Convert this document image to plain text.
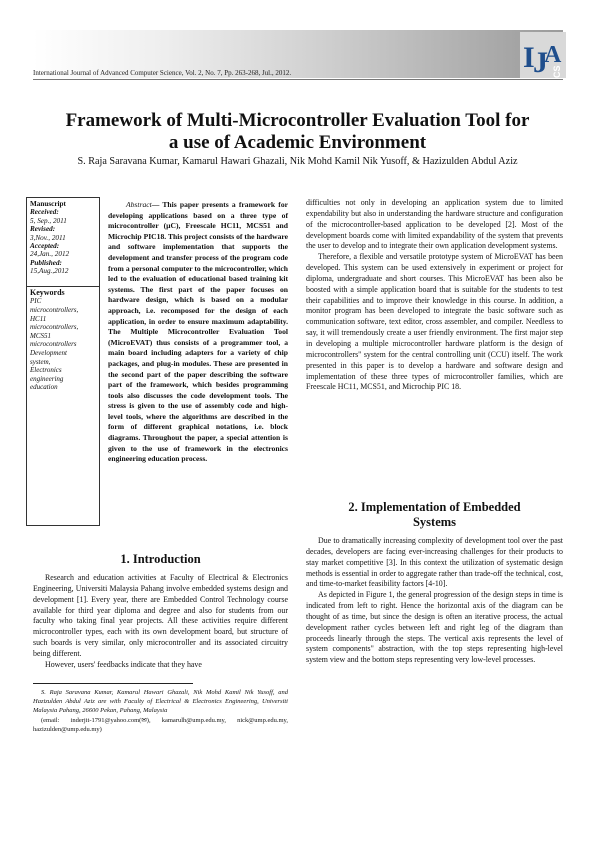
International Journal of Advanced Computer Science, Vol. 2, No. 7, Pp. 263-268, Jul., 2012.	I
J
A
CS
Framework of Multi-Microcontroller Evaluation Tool for
a use of Academic Environment
S. Raja Saravana Kumar, Kamarul Hawari Ghazali, Nik Mohd Kamil Nik Yusoff, & Hazizulden Abdul Aziz
Manuscript
Received:
5, Sep., 2011
Revised:
3,Nov., 2011
Accepted:
24,Jan., 2012
Published:
15,Aug.,2012
Keywords
PIC
microcontrollers,
HC11
microcontrollers,
MCS51
microcontrollers
Development
system,
Electronics
engineering
education
Abstract— This paper presents a framework for developing applications based on a three type of microcontroller (µC), Freescale HC11, MCS51 and Microchip PIC18. This project consists of the hardware and software implementation that supports the development and transfer process of the program code from a personal computer to the microcontroller, which led to the evaluation of educational based training kit systems. The first part of the paper focuses on hardware design, which is based on a modular approach, i.e. recomposed for the design of each application, in order to ensure maximum adaptability. The Multiple Microcontroller Evaluation Tool (MicroEVAT) thus consists of a programmer tool, a main board including adapters for a variety of chip packages, and plug-in modules. These are presented in the second part of the paper describing the software part of the framework, which besides programming tools also discusses the code development tools. The stress is given to the use of assembly code and high-level tools, where the algorithms are described in the form of different graphical notations, i.e. block diagrams. Throughout the paper, a special attention is given to the use of framework in the electronics engineering education process.
1. Introduction

Research and education activities at Faculty of Electrical & Electronics Engineering, Universiti Malaysia Pahang involve embedded systems design and development [1]. Every year, there are Embedded Control Technology course available for third year diploma and degree and also for students from our faculty who taking final year projects. All these activities require different microcontroller types, each with its own development board, but structure of such boards is very similar, only microcontroller and its associated circuitry being different.

However, users' feedbacks indicate that they have

S. Raja Saravana Kumar, Kamarul Hawari Ghazali, Nik Mohd Kamil Nik Yusoff, and Hazizulden Abdul Aziz are with Faculty of Electrical & Electronics Engineering, Universiti Malaysia Pahang, 26600 Pekan, Pahang, Malaysia
(email: inderjit-1791@yahoo.com(✉), kamarulh@ump.edu.my, nick@ump.edu.my, hazizulden@ump.edu.my)

difficulties not only in developing an application system due to limited expendability but also in understanding the hardware structure and configuration of the microcontroller-based application to be developed [2]. Most of the development boards come with limited expandability of the system that prevents the user to develop and to integrate their own application development systems.

Therefore, a flexible and versatile prototype system of MicroEVAT has been developed. This system can be used extensively in experiment or project for diploma, undergraduate and short courses. This MicroEVAT has been also be boosted with a simple application board that is suitable for the students to test their capabilities and to improve their knowledge in this course. In addition, a monitor program has been developed to integrate the basic software such as communication software, text editor, cross assembler, and compiler. Needless to say, it will tremendously create a user friendly environment. The first major step in developing a multiple microcontroller hardware platform is the design of microcontrollers" system for the central controlling unit (CCU) itself. The work presented in this paper is to develop a hardware and software design and implementation of these three types of microcontroller families, which are Freescale HC11, MCS51, and Microchip PIC 18.

2. Implementation of Embedded
Systems

Due to dramatically increasing complexity of development tool over the past decades, developers are facing ever-increasing challenges for their products to stay market competitive [3]. In this context the utilization of systematic design methods is essential in order to aggregate rather than trade-off the technical, cost, and time-to-market feasibility factors [4-10].

As depicted in Figure 1, the general progression of the design steps in time is indicated from left to right. Hence the horizontal axis of the diagram can be thought of as time, but since the design is often an iterative process, the actual development rather cycles between left and right leg of the diagram than proceeds linearly through the steps. The vertical axis represents the level of system components" abstraction, with the top steps representing high-level system view and the bottom steps representing very low-level processes.
